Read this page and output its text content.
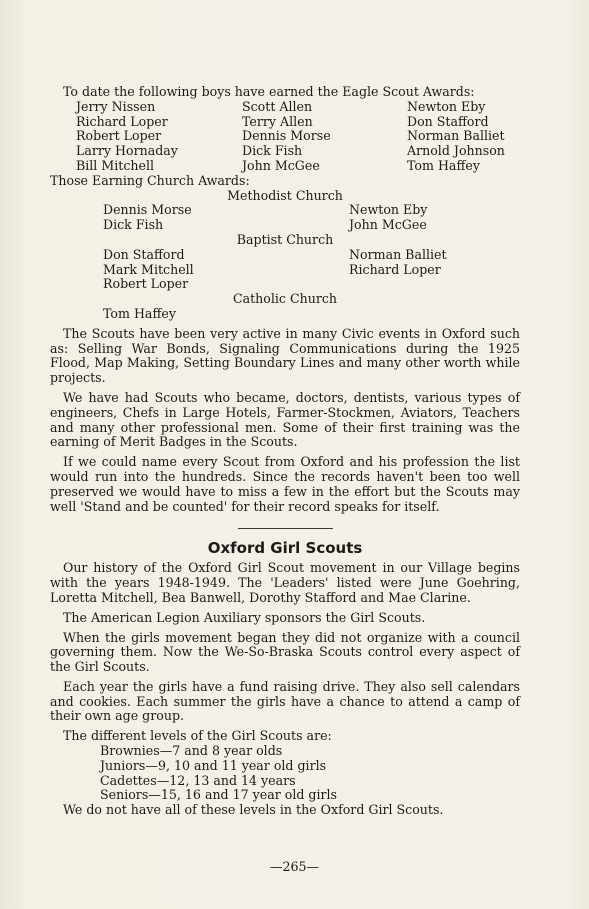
To date the following boys have earned the Eagle Scout Awards:

Jerry Nissen	Scott Allen	Newton Eby
Richard Loper	Terry Allen	Don Stafford
Robert Loper	Dennis Morse	Norman Balliet
Larry Hornaday	Dick Fish	Arnold Johnson
Bill Mitchell	John McGee	Tom Haffey

Those Earning Church Awards:

Methodist Church
Dennis Morse	Newton Eby
Dick Fish	John McGee
Baptist Church
Don Stafford	Norman Balliet
Mark Mitchell	Richard Loper
Robert Loper
Catholic Church
Tom Haffey

The Scouts have been very active in many Civic events in Oxford such as: Selling War Bonds, Signaling Communications during the 1925 Flood, Map Making, Setting Boundary Lines and many other worth while projects.

We have had Scouts who became, doctors, dentists, various types of engineers, Chefs in Large Hotels, Farmer-Stockmen, Aviators, Teachers and many other professional men. Some of their first training was the earning of Merit Badges in the Scouts.

If we could name every Scout from Oxford and his profession the list would run into the hundreds. Since the records haven't been too well preserved we would have to miss a few in the effort but the Scouts may well 'Stand and be counted' for their record speaks for itself.

Oxford Girl Scouts

Our history of the Oxford Girl Scout movement in our Village begins with the years 1948-1949. The 'Leaders' listed were June Goehring, Loretta Mitchell, Bea Banwell, Dorothy Stafford and Mae Clarine.

The American Legion Auxiliary sponsors the Girl Scouts.

When the girls movement began they did not organize with a council governing them. Now the We-So-Braska Scouts control every aspect of the Girl Scouts.

Each year the girls have a fund raising drive. They also sell calendars and cookies. Each summer the girls have a chance to attend a camp of their own age group.

The different levels of the Girl Scouts are:

Brownies—7 and 8 year olds
Juniors—9, 10 and 11 year old girls
Cadettes—12, 13 and 14 years
Seniors—15, 16 and 17 year old girls

We do not have all of these levels in the Oxford Girl Scouts.

—265—
